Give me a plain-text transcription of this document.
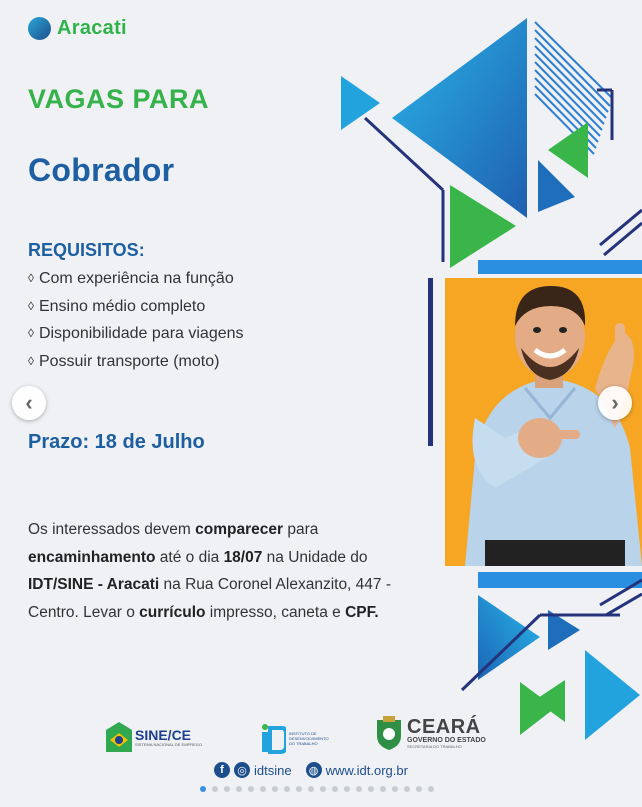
Aracati
VAGAS PARA
Cobrador
REQUISITOS:
◊ Com experiência na função
◊ Ensino médio completo
◊ Disponibilidade para viagens
◊ Possuir transporte (moto)
Prazo: 18 de Julho

Os interessados devem comparecer para encaminhamento até o dia 18/07 na Unidade do IDT/SINE - Aracati na Rua Coronel Alexanzito, 447 - Centro. Levar o currículo impresso, caneta e CPF.

‹	›
SINE/CE
SISTEMA NACIONAL DE EMPREGO
INSTITUTO DE DESENVOLVIMENTO DO TRABALHO
CEARÁ
GOVERNO DO ESTADO
SECRETARIA DO TRABALHO
f	◎ idtsine ◍ www.idt.org.br
